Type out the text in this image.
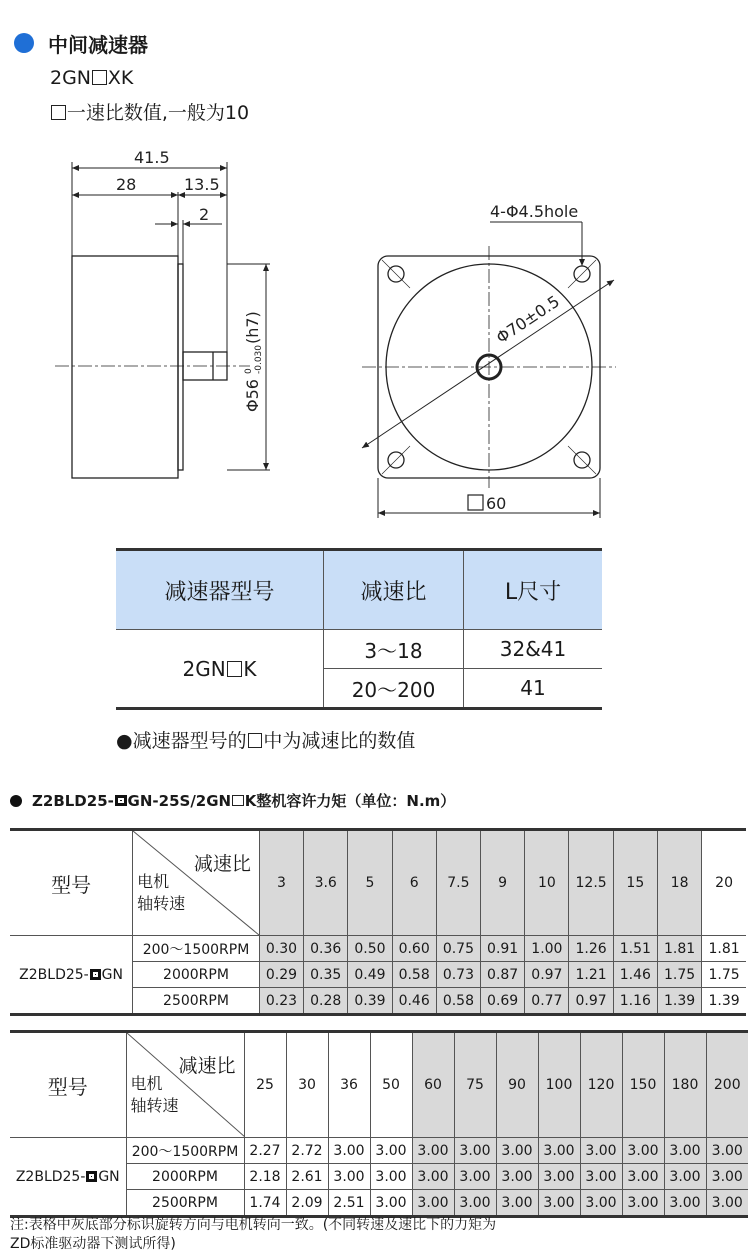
中间减速器
2GN XK
一速比数值,一般为10
41.5
28	13.5
2
Φ56
0 -0.030
(h7)
4-Φ4.5hole
Φ70±0.5
60
减速器型号	减速比	L尺寸
2GN K	3～18	32&41
	20～200	41
●减速器型号的 中为减速比的数值
Z2BLD25- GN-25S/2GN K整机容许力矩（单位：N.m）
型号	减速比
电机
轴转速	3	3.6	5	6	7.5	9	10	12.5	15	18	20
Z2BLD25- GN	200～1500RPM	0.30	0.36	0.50	0.60	0.75	0.91	1.00	1.26	1.51	1.81	1.81
	2000RPM	0.29	0.35	0.49	0.58	0.73	0.87	0.97	1.21	1.46	1.75	1.75
	2500RPM	0.23	0.28	0.39	0.46	0.58	0.69	0.77	0.97	1.16	1.39	1.39
型号	减速比
电机
轴转速	25	30	36	50	60	75	90	100	120	150	180	200
Z2BLD25- GN	200～1500RPM	2.27	2.72	3.00	3.00	3.00	3.00	3.00	3.00	3.00	3.00	3.00	3.00
	2000RPM	2.18	2.61	3.00	3.00	3.00	3.00	3.00	3.00	3.00	3.00	3.00	3.00
	2500RPM	1.74	2.09	2.51	3.00	3.00	3.00	3.00	3.00	3.00	3.00	3.00	3.00
注:表格中灰底部分标识旋转方向与电机转向一致。(不同转速及速比下的力矩为
ZD标准驱动器下测试所得)
